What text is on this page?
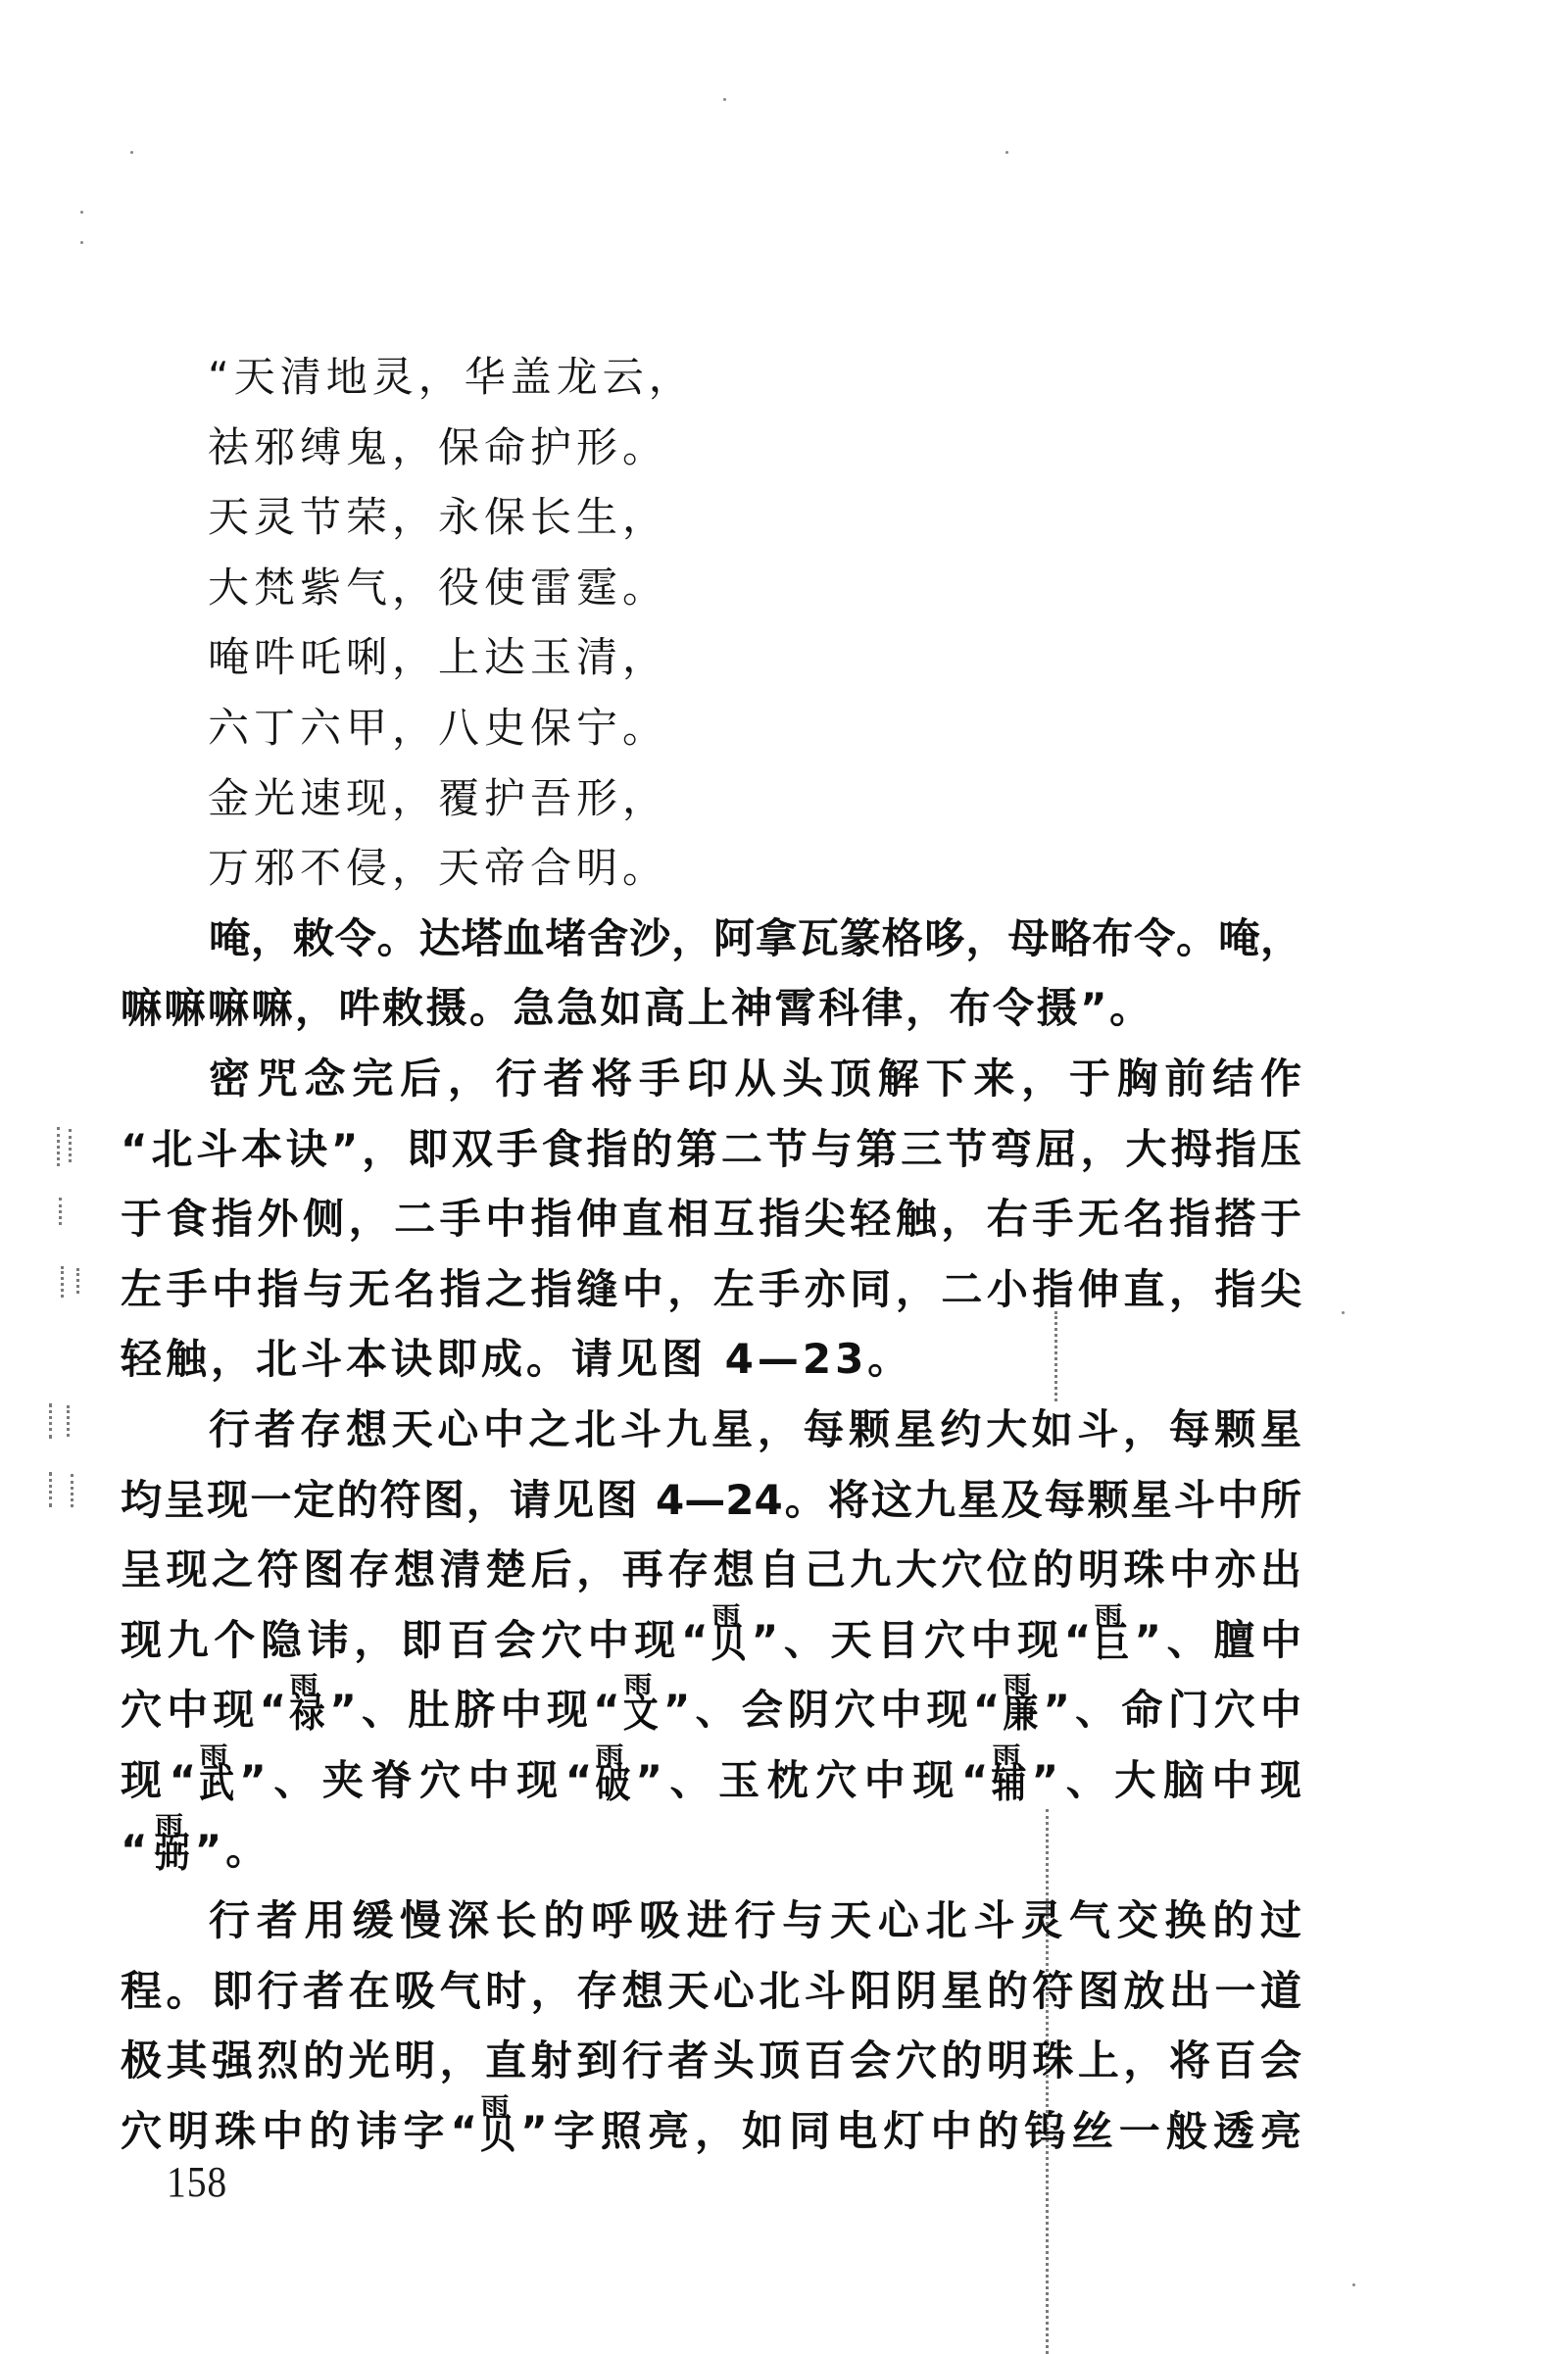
“天清地灵，华盖龙云，
祛邪缚鬼，保命护形。
天灵节荣，永保长生，
大梵紫气，役使雷霆。
唵吽吒唎，上达玉清，
六丁六甲，八史保宁。
金光速现，覆护吾形，
万邪不侵，天帝合明。
唵，敕令。达塔血堵舍沙，阿拿瓦篆格哆，母略布令。唵，
嘛嘛嘛嘛，吽敕摄。急急如高上神霄科律，布令摄”。
密咒念完后，行者将手印从头顶解下来，于胸前结作
“北斗本诀”，即双手食指的第二节与第三节弯屈，大拇指压
于食指外侧，二手中指伸直相互指尖轻触，右手无名指搭于
左手中指与无名指之指缝中，左手亦同，二小指伸直，指尖
轻触，北斗本诀即成。请见图 4—23。
行者存想天心中之北斗九星，每颗星约大如斗，每颗星
均呈现一定的符图，请见图 4—24。将这九星及每颗星斗中所
呈现之符图存想清楚后，再存想自己九大穴位的明珠中亦出
现九个隐讳，即百会穴中现“
雨
贝 ”、天目穴中现“
雨
巨 ”、膻中
穴中现“
雨
禄 ”、肚脐中现“
雨
文 ”、会阴穴中现“
雨
廉 ”、命门穴中
现“
雨
武 ”、夹脊穴中现“
雨
破 ”、玉枕穴中现“
雨
辅 ”、大脑中现
“
雨
弼 ”。
行者用缓慢深长的呼吸进行与天心北斗灵气交换的过
程。即行者在吸气时，存想天心北斗阳阴星的符图放出一道
极其强烈的光明，直射到行者头顶百会穴的明珠上，将百会
穴明珠中的讳字“
雨
贝 ”字照亮，如同电灯中的钨丝一般透亮
158
